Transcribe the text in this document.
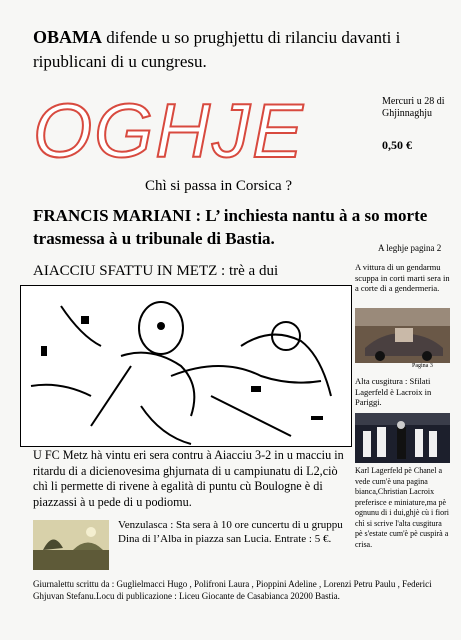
OBAMA difende u so prughjettu di rilanciu davanti i ripublicani di u cungresu.
OGHJE	Mercuri u 28 di Ghjinnaghju
0,50 €
Chì si passa in Corsica ?
FRANCIS MARIANI : L’ inchiesta nantu à a so morte trasmessa à u tribunale di Bastia.	A leghje pagina 2
AIACCIU SFATTU IN METZ : trè a dui
U FC Metz hà vintu eri sera contru à Aiacciu 3-2 in u macciu in ritardu di a dicienovesima ghjurnata di u campiunatu di L2,ciò chì li permette di rivene à egalità di puntu cù Boulogne è di piazzassi à u pede di u podiomu.
A vittura di un gendarmu scuppa in corti marti sera in a corte di a gendermeria.
Pagina 3
Alta cusgitura : Sfilati Lagerfeld è Lacroix in Pariggi.
Karl Lagerfeld pè Chanel a vede cum'è una pagina bianca,Christian Lacroix preferisce e miniature,ma pè ognunu di i dui,ghjè cù i fiori chì si scrive l'alta cusgitura pè s'estate cum'è pè cuspirà a crisa.
Venzulasca : Sta sera à 10 ore cuncertu di u gruppu Dina di l’Alba in piazza san Lucia. Entrate : 5 €.
Giurnalettu scrittu da : Guglielmacci Hugo , Polifroni Laura , Pioppini Adeline , Lorenzi Petru Paulu , Federici Ghjuvan Stefanu.Locu di publicazione : Liceu Giocante de Casabianca 20200 Bastia.
